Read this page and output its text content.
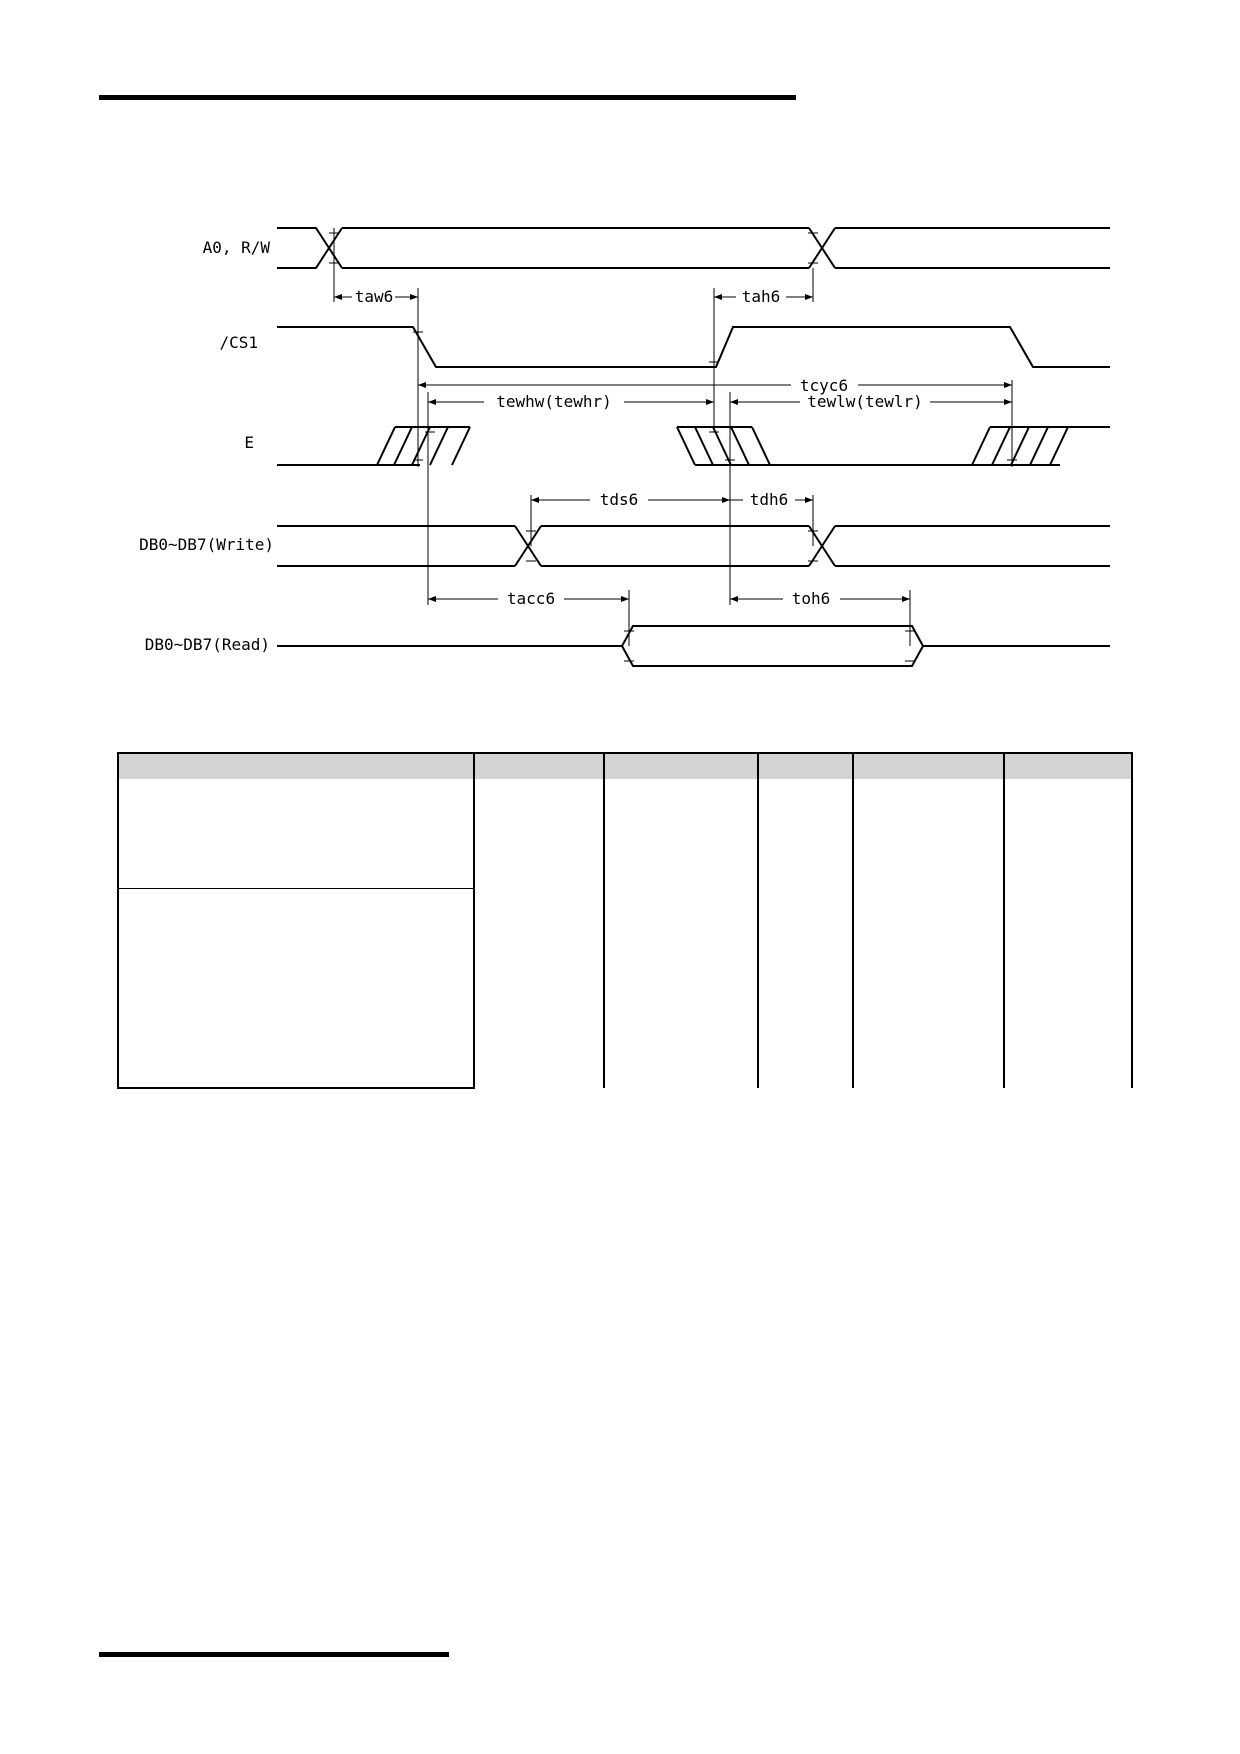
A0, R/W
/CS1
E
DB0~DB7(Write)
DB0~DB7(Read)
taw6	tah6
tcyc6
tewhw(tewhr)	tewlw(tewlr)
tds6	tdh6
tacc6	toh6
